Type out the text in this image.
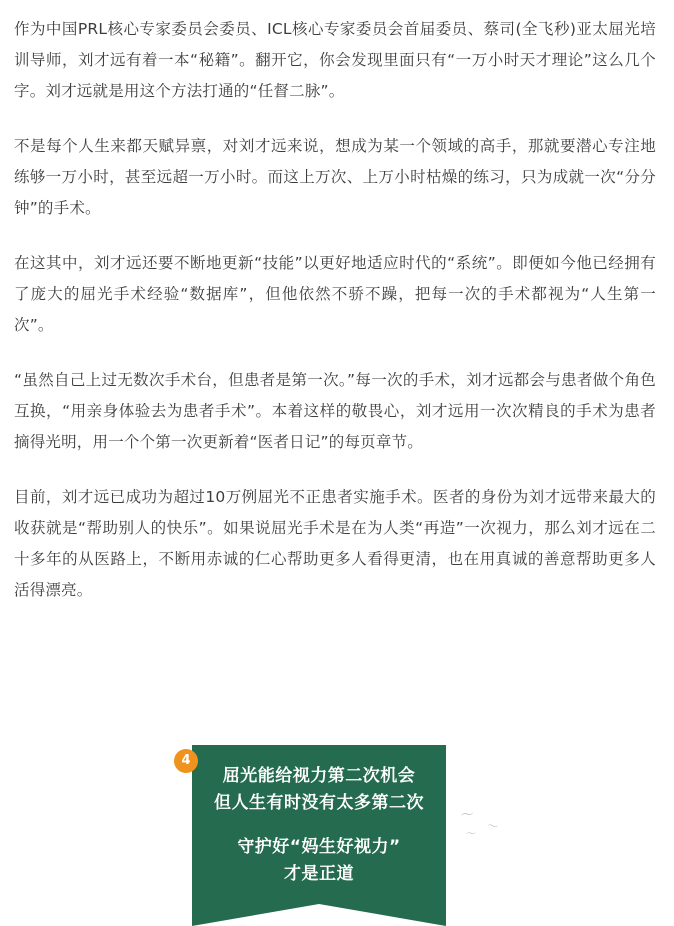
作为中国PRL核心专家委员会委员、ICL核心专家委员会首届委员、蔡司(全飞秒)亚太屈光培训导师，刘才远有着一本“秘籍”。翻开它，你会发现里面只有“一万小时天才理论”这么几个字。刘才远就是用这个方法打通的“任督二脉”。

不是每个人生来都天赋异禀，对刘才远来说，想成为某一个领域的高手，那就要潜心专注地练够一万小时，甚至远超一万小时。而这上万次、上万小时枯燥的练习，只为成就一次“分分钟”的手术。

在这其中，刘才远还要不断地更新“技能”以更好地适应时代的“系统”。即便如今他已经拥有了庞大的屈光手术经验“数据库”，但他依然不骄不躁，把每一次的手术都视为“人生第一次”。

“虽然自己上过无数次手术台，但患者是第一次。”每一次的手术，刘才远都会与患者做个角色互换，“用亲身体验去为患者手术”。本着这样的敬畏心，刘才远用一次次精良的手术为患者摘得光明，用一个个第一次更新着“医者日记”的每页章节。

目前，刘才远已成功为超过10万例屈光不正患者实施手术。医者的身份为刘才远带来最大的收获就是“帮助别人的快乐”。如果说屈光手术是在为人类“再造”一次视力，那么刘才远在二十多年的从医路上，不断用赤诚的仁心帮助更多人看得更清，也在用真诚的善意帮助更多人活得漂亮。

4
屈光能给视力第二次机会
但人生有时没有太多第二次
守护好“妈生好视力”
才是正道
〜
〜
〜
